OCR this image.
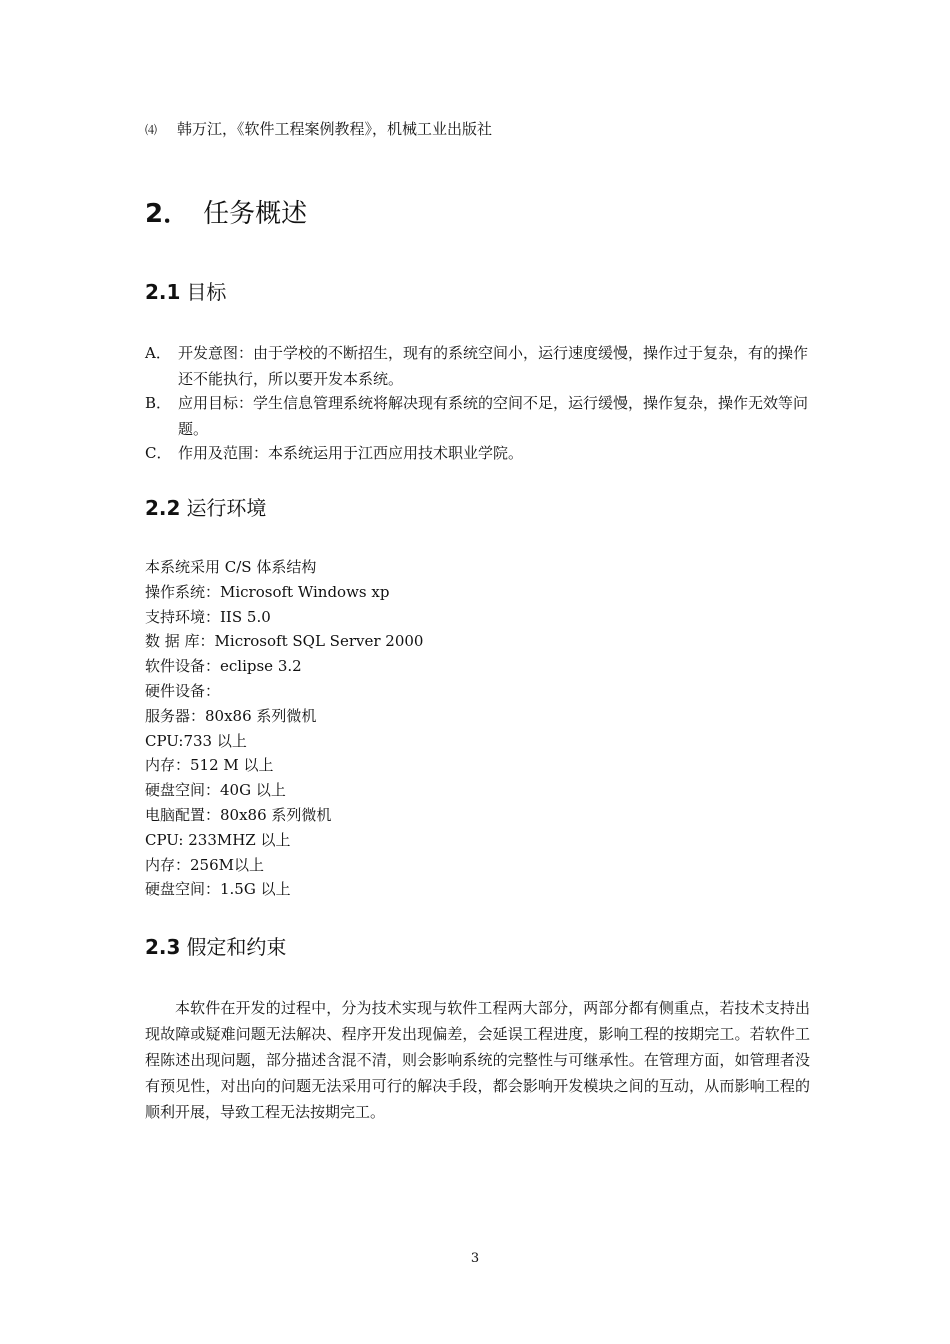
⑷ 韩万江，《软件工程案例教程》，机械工业出版社
2． 任务概述
2.1 目标
A． 开发意图：由于学校的不断招生，现有的系统空间小，运行速度缓慢，操作过于复杂，有的操作还不能执行，所以要开发本系统。
B． 应用目标：学生信息管理系统将解决现有系统的空间不足，运行缓慢，操作复杂，操作无效等问题。
C． 作用及范围：本系统运用于江西应用技术职业学院。
2.2 运行环境
本系统采用 C/S 体系结构
操作系统：Microsoft Windows xp
支持环境：IIS 5.0
数 据 库：Microsoft SQL Server 2000
软件设备：eclipse 3.2
硬件设备：
服务器：80x86 系列微机
CPU:733 以上
内存：512 M 以上
硬盘空间：40G 以上
电脑配置：80x86 系列微机
CPU: 233MHZ 以上
内存：256M以上
硬盘空间：1.5G 以上
2.3 假定和约束
本软件在开发的过程中，分为技术实现与软件工程两大部分，两部分都有侧重点，若技术支持出现故障或疑难问题无法解决、程序开发出现偏差，会延误工程进度，影响工程的按期完工。若软件工程陈述出现问题，部分描述含混不清，则会影响系统的完整性与可继承性。在管理方面，如管理者没有预见性，对出向的问题无法采用可行的解决手段，都会影响开发模块之间的互动，从而影响工程的顺利开展，导致工程无法按期完工。
3
